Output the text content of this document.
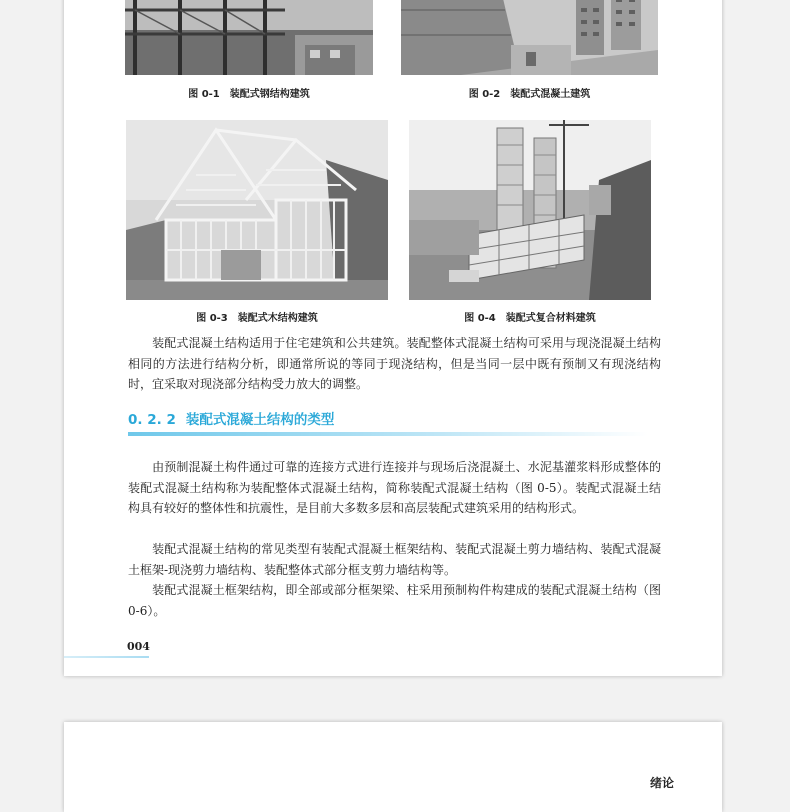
图 0-1 装配式钢结构建筑	图 0-2 装配式混凝土建筑
图 0-3 装配式木结构建筑	图 0-4 装配式复合材料建筑

装配式混凝土结构适用于住宅建筑和公共建筑。装配整体式混凝土结构可采用与现浇混凝土结构相同的方法进行结构分析，即通常所说的等同于现浇结构，但是当同一层中既有预制又有现浇结构时，宜采取对现浇部分结构受力放大的调整。

0. 2. 2 装配式混凝土结构的类型

由预制混凝土构件通过可靠的连接方式进行连接并与现场后浇混凝土、水泥基灌浆料形成整体的装配式混凝土结构称为装配整体式混凝土结构，简称装配式混凝土结构（图 0-5）。装配式混凝土结构具有较好的整体性和抗震性，是目前大多数多层和高层装配式建筑采用的结构形式。

装配式混凝土结构的常见类型有装配式混凝土框架结构、装配式混凝土剪力墙结构、装配式混凝土框架-现浇剪力墙结构、装配整体式部分框支剪力墙结构等。

装配式混凝土框架结构，即全部或部分框架梁、柱采用预制构件构建成的装配式混凝土结构（图 0-6）。

004
绪论
